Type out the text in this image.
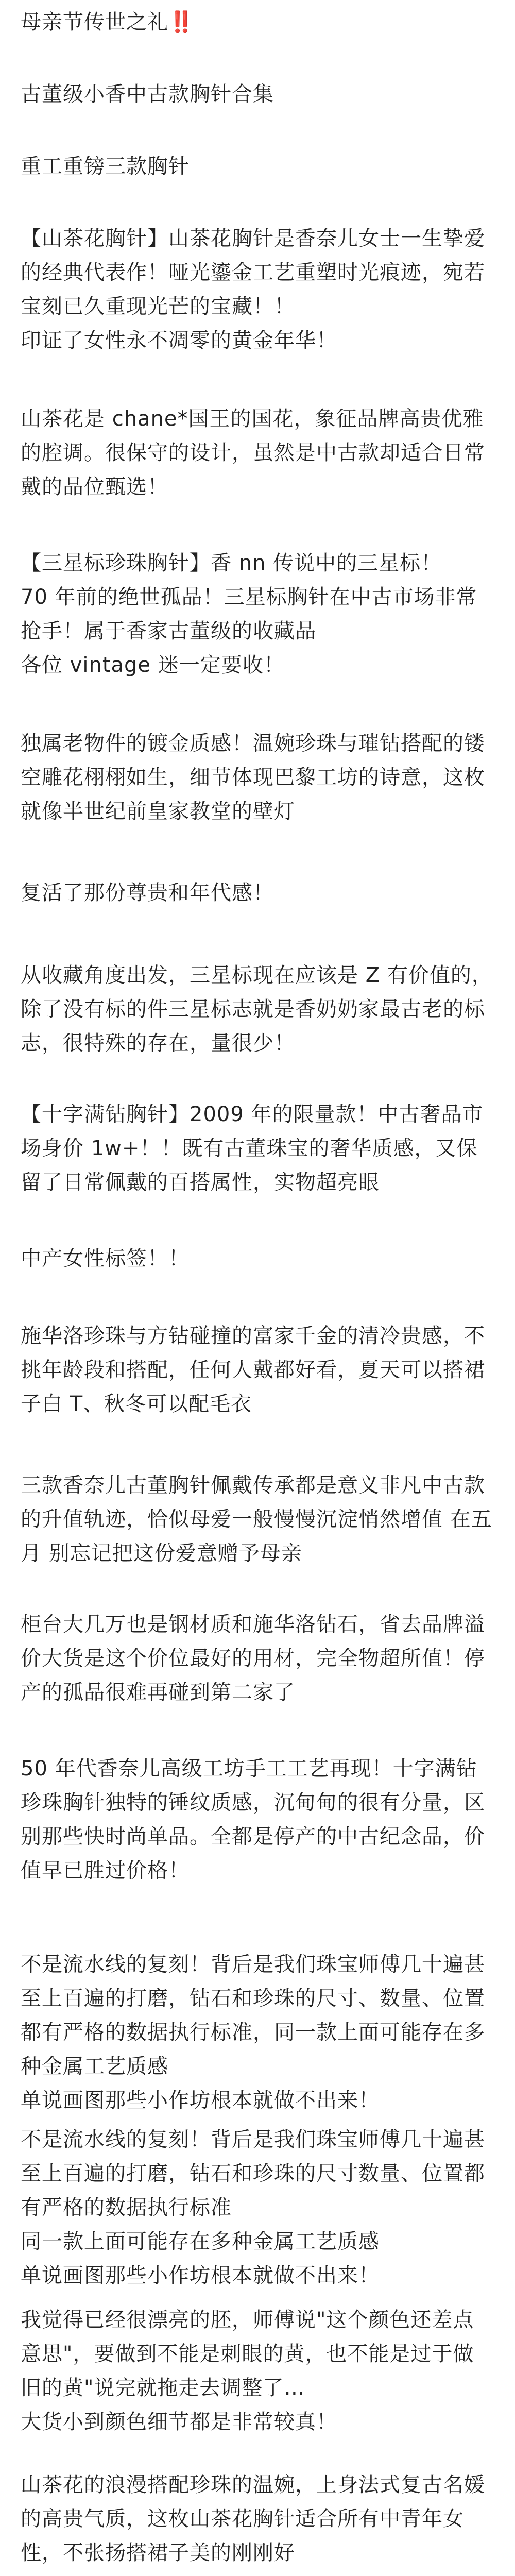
母亲节传世之礼‼️

古董级小香中古款胸针合集

重工重镑三款胸针

【山茶花胸针】山茶花胸针是香奈儿女士一生挚爱的经典代表作！哑光鎏金工艺重塑时光痕迹，宛若宝刻已久重现光芒的宝藏！！
印证了女性永不凋零的黄金年华！

山茶花是 chane*国王的国花，象征品牌高贵优雅的腔调。很保守的设计，虽然是中古款却适合日常戴的品位甄选！

【三星标珍珠胸针】香 nn 传说中的三星标！
70 年前的绝世孤品！三星标胸针在中古市场非常抢手！属于香家古董级的收藏品
各位 vintage 迷一定要收！

独属老物件的镀金质感！温婉珍珠与璀钻搭配的镂空雕花栩栩如生，细节体现巴黎工坊的诗意，这枚就像半世纪前皇家教堂的壁灯

复活了那份尊贵和年代感！

从收藏角度出发，三星标现在应该是 Z 有价值的，除了没有标的件三星标志就是香奶奶家最古老的标志，很特殊的存在，量很少！

【十字满钻胸针】2009 年的限量款！中古奢品市场身价 1w+！！既有古董珠宝的奢华质感，又保留了日常佩戴的百搭属性，实物超亮眼

中产女性标签！！

施华洛珍珠与方钻碰撞的富家千金的清冷贵感，不挑年龄段和搭配，任何人戴都好看，夏天可以搭裙子白 T、秋冬可以配毛衣

三款香奈儿古董胸针佩戴传承都是意义非凡中古款的升值轨迹，恰似母爱一般慢慢沉淀悄然增值 在五月 别忘记把这份爱意赠予母亲

柜台大几万也是钢材质和施华洛钻石，省去品牌溢价大货是这个价位最好的用材，完全物超所值！停产的孤品很难再碰到第二家了

50 年代香奈儿高级工坊手工工艺再现！十字满钻珍珠胸针独特的锤纹质感，沉甸甸的很有分量，区别那些快时尚单品。全都是停产的中古纪念品，价值早已胜过价格！

不是流水线的复刻！背后是我们珠宝师傅几十遍甚至上百遍的打磨，钻石和珍珠的尺寸、数量、位置都有严格的数据执行标准，同一款上面可能存在多种金属工艺质感
单说画图那些小作坊根本就做不出来！

不是流水线的复刻！背后是我们珠宝师傅几十遍甚至上百遍的打磨，钻石和珍珠的尺寸数量、位置都有严格的数据执行标准
同一款上面可能存在多种金属工艺质感
单说画图那些小作坊根本就做不出来！

我觉得已经很漂亮的胚，师傅说"这个颜色还差点意思"，要做到不能是刺眼的黄，也不能是过于做旧的黄"说完就拖走去调整了…
大货小到颜色细节都是非常较真！

山茶花的浪漫搭配珍珠的温婉，上身法式复古名媛的高贵气质，这枚山茶花胸针适合所有中青年女性，不张扬搭裙子美的刚刚好
